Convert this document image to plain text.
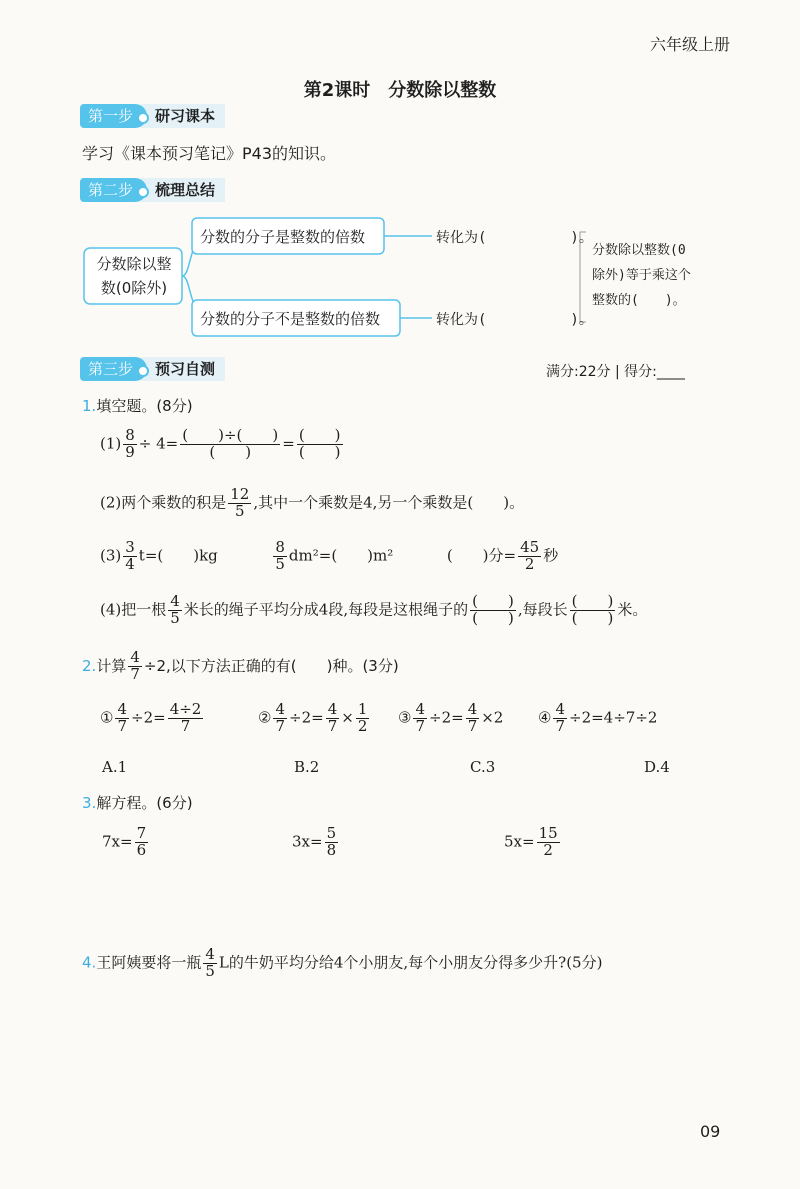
六年级上册
第2课时　分数除以整数
第一步	研习课本
学习《课本预习笔记》P43的知识。
第二步	梳理总结
分数除以整
数(0除外)
分数的分子是整数的倍数
分数的分子不是整数的倍数
转化为(　　　　　　)。
转化为(　　　　　　)。
分数除以整数(0
除外)等于乘这个
整数的(　　)。
第三步	预习自测	满分:22分 | 得分:____
1.填空题。(8分)
$(1) \frac{8}{9} \div 4= \frac{( )\div( )}{( )} = \frac{( )}{( )}$
(2)两个乘数的积是 $\frac{12}{5}$ ,其中一个乘数是4,另一个乘数是(　　)。
$(3) \frac{3}{4} t=$(　　)kg	$\frac{8}{5} dm^2=$(　　)m²	(　　)分= $\frac{45}{2}$ 秒
(4)把一根 $\frac{4}{5}$ 米长的绳子平均分成4段,每段是这根绳子的 $\frac{( )}{( )}$ ,每段长 $\frac{( )}{( )}$ 米。
2.计算 $\frac{4}{7} \div 2$,以下方法正确的有(　　)种。(3分)
① $\frac{4}{7} \div 2= \frac{4\div 2}{7}$	② $\frac{4}{7} \div 2= \frac{4}{7} \times \frac{1}{2}$ ③ $\frac{4}{7} \div 2= \frac{4}{7} \times 2$ ④ $\frac{4}{7} \div 2=4\div 7\div 2$
A.1	B.2	C.3	D.4
3.解方程。(6分)
$7x= \frac{7}{6}$	$3x= \frac{5}{8}$	$5x= \frac{15}{2}$
4.王阿姨要将一瓶 $\frac{4}{5}$ L的牛奶平均分给4个小朋友,每个小朋友分得多少升?(5分)
09
